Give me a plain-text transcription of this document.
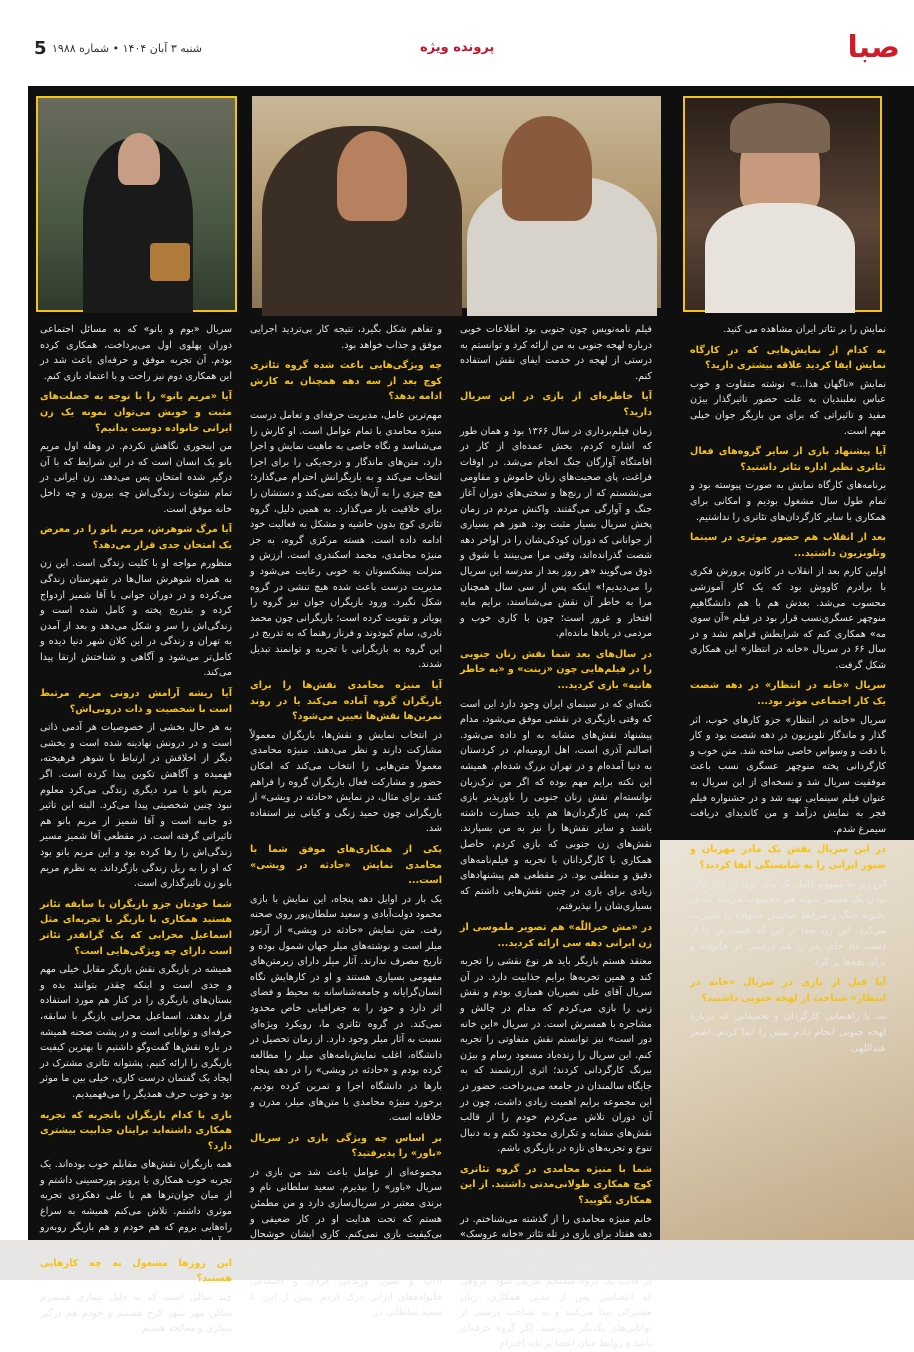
صبا
پرونده ویژه
شنبه ۳ آبان ۱۴۰۴ • شماره ۱۹۸۸
5

نمایش را بر تئاتر ایران مشاهده می کنید.

به کدام از نمایش‌هایی که در کارگاه نمایش ایفا کردید علاقه بیشتری دارید؟

نمایش «ناگهان هذا...» نوشته متفاوت و خوب عباس نعلبندیان به علت حضور تاثیرگذار بیژن مفید و تاثیراتی که برای من بازیگر جوان خیلی مهم است.

آیا پیشنهاد بازی از سایر گروه‌های فعال تئاتری نظیر اداره تئاتر داشتید؟

برنامه‌های کارگاه نمایش به صورت پیوسته بود و تمام طول سال مشغول بودیم و امکانی برای همکاری با سایر کارگردان‌های تئاتری را نداشتیم.

بعد از انقلاب هم حضور موثری در سینما وتلویزیون داشتید...

اولین کارم بعد از انقلاب در کانون پرورش فکری با برادرم کاووش بود که یک کار آموزشی محسوب می‌شد. بعدش هم با هم دانشگاهیم منوچهر عسگری‌نسب قرار بود در فیلم «آن سوی مه» همکاری کنم که شرایطش فراهم نشد و در سال ۶۶ در سریال «خانه در انتظار» این همکاری شکل گرفت.

سریال «خانه در انتظار» در دهه شصت یک کار اجتماعی موثر بود...

سریال «خانه در انتظار» جزو کارهای خوب، اثر گذار و ماندگار تلویزیون در دهه شصت بود و کار با دقت و وسواس خاصی ساخته شد. متن خوب و کارگردانی پخته منوچهر عسگری نسب باعث موفقیت سریال شد و نسخه‌ای از این سریال به عنوان فیلم سینمایی تهیه شد و در جشنواره فیلم فجر به نمایش درآمد و من کاندیدای دریافت سیمرغ شدم.

در این سریال نقش یک مادر مهربان و صبور ایرانی را به شایستگی ایفا کردید؟

این زن نه مفهوم کامل یک مادر بود. در کنار مادر بودن یک همسر نمونه هم محسوب می‌شد که در بحبوبه جنگ و شرایط سختش خانواده را مدیریت می‌کرد. این زن بعدا از این که همسرش را از دست داد جای پدر را هم درستی در خانواده و برای بچه‌ها پر کرد.

آیا قبل از بازی در سریال «خانه در انتظار» شناخت از لهجه جنوبی داشتید؟

نه، با راهنمایی کارگردان و تحقیقاتی که درباره لهجه جنوبی انجام دادم نقش را ایفا کردم. اصغر عبداللهی

فیلم نامه‌نویس چون جنوبی بود اطلاعات خوبی درباره لهجه جنوبی به من ارائه کرد و توانستم به درستی از لهجه در خدمت ایفای نقش استفاده کنم.

آیا خاطره‌ای از بازی در این سریال دارید؟

زمان فیلم‌برداری در سال ۱۳۶۶ بود و همان طور که اشاره کردم، بخش عمده‌ای از کار در اقامتگاه آوارگان جنگ انجام می‌شد. در اوقات فراغت، پای صحبت‌های زنان خاموش و مقاومی می‌نشستم که از رنج‌ها و سختی‌های دوران آغاز جنگ و آوارگی می‌گفتند. واکنش مردم در زمان پخش سریال بسیار مثبت بود. هنوز هم بسیاری از جوانانی که دوران کودکی‌شان را در اواخر دهه شصت گذرانده‌اند، وقتی مرا می‌بینند با شوق و ذوق می‌گویند «هر روز بعد از مدرسه این سریال را می‌دیدیم!» اینکه پس از سی سال همچنان مرا به خاطر آن نقش می‌شناسند، برایم مایه افتخار و غرور است؛ چون با کاری خوب و مردمی در یادها مانده‌ام.

در سال‌های بعد شما نقش زنان جنوبی را در فیلم‌هایی چون «زینت» و «به خاطر هانیه» بازی کردید...

نکته‌ای که در سینمای ایران وجود دارد این است که وقتی بازیگری در نقشی موفق می‌شود، مدام پیشنهاد نقش‌های مشابه به او داده می‌شود. اصالتم آذری است، اهل ارومیه‌ام، در کردستان به دنیا آمده‌ام و در تهران بزرگ شده‌ام. همیشه این نکته برایم مهم بوده که اگر من ترک‌زبان توانسته‌ام نقش زنان جنوبی را باورپذیر بازی کنم، پس کارگردان‌ها هم باید جسارت داشته باشند و سایر نقش‌ها را نیز به من بسپارند. نقش‌های زن جنوبی که بازی کردم، حاصل همکاری با کارگردانان با تجربه و فیلم‌نامه‌های دقیق و منطقی بود. در مقطعی هم پیشنهادهای زیادی برای بازی در چنین نقش‌هایی داشتم که بسیاری‌شان را نپذیرفتم.

در «مش خیراللّه» هم تصویر ملموسی از زن ایرانی دهه سی ارائه کردید...

معتقد هستم بازیگر باید هر نوع نقشی را تجربه کند و همین تجربه‌ها برایم جذابیت دارد. در آن سریال آقای علی نصیریان همبازی بودم و نقش زنی را بازی می‌کردم که مدام در چالش و مشاجره با همسرش است. در سریال «این خانه دور است» نیز توانستم نقش متفاوتی را تجربه کنم. این سریال را زنده‌یاد مسعود رسام و بیژن بیرنگ کارگردانی کردند؛ اثری ارزشمند که به جایگاه سالمندان در جامعه می‌پرداخت. حضور در این مجموعه برایم اهمیت زیادی داشت، چون در آن دوران تلاش می‌کردم خودم را از قالب نقش‌های مشابه و تکراری محدود نکنم و به دنبال تنوع و تجربه‌های تازه در بازیگری باشم.

شما با منیژه محامدی در گروه تئاتری کوچ همکاری طولانی‌مدتی داشتید. از این همکاری بگویید؟

خانم منیژه محامدی را از گذشته می‌شناختم. در دهه هفتاد برای بازی در تله تئاتر «خانه عروسک» از من دعوت به همکاری کردند و این همکاری تا امروز ادامه دارد. به باور من، اجرای نمایش باید در قالب یک گروه منسجم تعریف شود؛ گروهی که اعضایش پس از مدتی همکاری، زبان مشترکی پیدا می‌کنند و به شناخت درستی از توانایی‌های یکدیگر می‌رسند. اگر گروه حرفه‌ای باشد و روابط میان اعضا بر پایه احترام

و تفاهم شکل بگیرد، نتیجه کار بی‌تردید اجرایی موفق و جذاب خواهد بود.

چه ویژگی‌هایی باعث شده گروه تئاتری کوچ بعد از سه دهه همچنان به کارش ادامه بدهد؟

مهم‌ترین عامل، مدیریت حرفه‌ای و تعامل درست منیژه محامدی با تمام عوامل است. او کارش را می‌شناسد و نگاه خاصی به ماهیت نمایش و اجرا دارد، متن‌های ماندگار و درجه‌یکی را برای اجرا انتخاب می‌کند و به بازیگرانش احترام می‌گذارد؛ هیچ چیزی را به آن‌ها دیکته نمی‌کند و دستشان را برای خلاقیت باز می‌گذارد. به همین دلیل، گروه تئاتری کوچ بدون حاشیه و مشکل به فعالیت خود ادامه داده است. هسته مرکزی گروه، به جز منیژه محامدی، محمد اسکندری است. ارزش و منزلت پیشکسوتان به خوبی رعایت می‌شود و مدیریت درست باعث شده هیچ تنشی در گروه شکل نگیرد. ورود بازیگران جوان نیز گروه را پویاتر و تقویت کرده است؛ بازیگرانی چون محمد نادری، سام کبودوند و فرناز رهنما که به تدریج در این گروه به بازیگرانی با تجربه و توانمند تبدیل شدند.

آیا منیژه محامدی نقش‌ها را برای بازیگران گروه آماده می‌کند یا در روند تمرین‌ها نقش‌ها تعیین می‌شود؟

در انتخاب نمایش و نقش‌ها، بازیگران معمولاً مشارکت دارند و نظر می‌دهند. منیژه محامدی معمولاً متن‌هایی را انتخاب می‌کند که امکان حضور و مشارکت فعال بازیگران گروه را فراهم کنند. برای مثال، در نمایش «حادثه در ویشی» از بازیگرانی چون حمید زنگی و کیانی نیز استفاده شد.

یکی از همکاری‌های موفق شما با محامدی نمایش «حادثه در ویشی» است...

یک بار در اوایل دهه پنجاه، این نمایش با بازی محمود دولت‌آبادی و سعید سلطان‌پور روی صحنه رفت. متن نمایش «حادثه در ویشی» از آرتور میلر است و نوشته‌های میلر جهان شمول بوده و تاریخ مصرف ندارند. آثار میلر دارای زیرمتن‌های مفهومی بسیاری هستند و او در کارهایش نگاه انسان‌گرایانه و جامعه‌شناسانه به محیط و فضای اثر دارد و خود را به جغرافیایی خاص محدود نمی‌کند. در گروه تئاتری ما، رویکرد ویژه‌ای نسبت به آثار میلر وجود دارد. از زمان تحصیل در دانشگاه، اغلب نمایش‌نامه‌های میلر را مطالعه کرده بودم و «حادثه در ویشی» را در دهه پنجاه بارها در دانشگاه اجرا و تمرین کرده بودیم. برخورد منیژه محامدی با متن‌های میلر، مدرن و خلاقانه است.

بر اساس چه ویژگی بازی در سریال «باور» را پذیرفتید؟

مجموعه‌ای از عوامل باعث شد من بازی در سریال «باور» را بپذیرم. سعید سلطانی نام و برندی معتبر در سریال‌سازی دارد و من مطمئن هستم که تحت هدایت او در کار ضعیفی و بی‌کیفیت بازی نمی‌کنم. کاری ایشان خوشحال شدم و پس از گفت‌وگوهای اولیه، فیلم‌نامه را مطالعه کردم و ارزش‌هایی آن را در پرداخت به آداب و سنن، وزندگی فردی و اجتماعی خانواده‌های ایرانی درک کردم. پیش از این، با سعید سلطانی در

سریال «بوم و بانو» که به مسائل اجتماعی دوران پهلوی اول می‌پرداخت، همکاری کرده بودم. آن تجربه موفق و حرفه‌ای باعث شد در این همکاری دوم نیز راحت و با اعتماد بازی کنم.

آیا «مریم بانو» را با توجه به خصلت‌های مثبت و خوبش می‌توان نمونه یک زن ایرانی خانواده دوست بدانیم؟

من اینجوری نگاهش نکردم. در وهله اول مریم بانو یک انسان است که در این شرایط که با آن درگیر شده امتحان پس می‌دهد. زن ایرانی در تمام شئونات زندگی‌اش چه بیرون و چه داخل خانه موفق است.

آیا مرگ شوهرش، مریم بانو را در معرض یک امتحان جدی قرار می‌دهد؟

منظورم مواجه او با کلیت زندگی است. این زن به همراه شوهرش سال‌ها در شهرستان زندگی می‌کرده و در دوران جوانی با آقا شمیز ازدواج کرده و بتدریج پخته و کامل شده است و زندگی‌اش را سر و شکل می‌دهد و بعد از آمدن به تهران و زندگی در این کلان شهر دنیا دیده و کامل‌تر می‌شود و آگاهی و شناختش ارتقا پیدا می‌کند.

آیا ریشه آرامش درونی مریم مرتبط است با شخصیت و ذات درونی‌اش؟

به هر حال بخشی از خصوصیات هر آدمی ذاتی است و در درونش نهادینه شده است و بخشی دیگر از اخلاقش در ارتباط با شوهر فرهیخته، فهمیده و آگاهش تکوین پیدا کرده است. اگر مریم بانو با مرد دیگری زندگی می‌کرد معلوم نبود چنین شخصیتی پیدا می‌کرد. البته این تاثیر دو جانبه است و آقا شمیز از مریم بانو هم تاثیراتی گرفته است. در مقطعی آقا شمیز مسیر زندگی‌اش را رها کرده بود و این مریم بانو بود که او را به ریل زندگی بازگرداند. به نظرم مریم بانو زن تاثیرگذاری است.

شما خودتان جزو بازیگران با سابقه تئاتر هستید همکاری با بازیگر با تجربه‌ای مثل اسماعیل محرابی که یک گرانقدر تئاتر است دارای چه ویژگی‌هایی است؟

همیشه در بازیگری نقش بازیگر مقابل خیلی مهم و جدی است و اینکه چقدر بتوانند بده و بستان‌های بازیگری را در کنار هم مورد استفاده قرار بدهند. اسماعیل محرابی بازیگر با سابقه، حرفه‌ای و توانایی است و در پشت صحنه همیشه در باره نقش‌ها گفت‌وگو داشتیم تا بهترین کیفیت بازیگری را ارائه کنیم. پشتوانه تئاتری مشترک در ایجاد یک گفتمان درست کاری، خیلی بین ما موثر بود و خوب حرف همدیگر را می‌فهمیدیم.

بازی با کدام بازیگران باتجربه که تجربه همکاری داشته‌اید برایتان جذابیت بیشتری دارد؟

همه بازیگران نقش‌های مقابلم خوب بوده‌اند. یک تجربه خوب همکاری با پرویز پورحسینی داشتم و از میان جوان‌ترها هم با علی دهکردی تجربه موثری داشتم. تلاش می‌کنم همیشه به سراغ راه‌هایی بروم که هم خودم و هم بازیگر روبه‌رو به آرامش برسیم.

این روزها مشغول به چه کارهایی هستید؟

چند سالی است که به دلیل بیماری همسرم ساکن مهر شهر کرج هستیم و خودم هم درگیر بیماری و معالجه هستم.
